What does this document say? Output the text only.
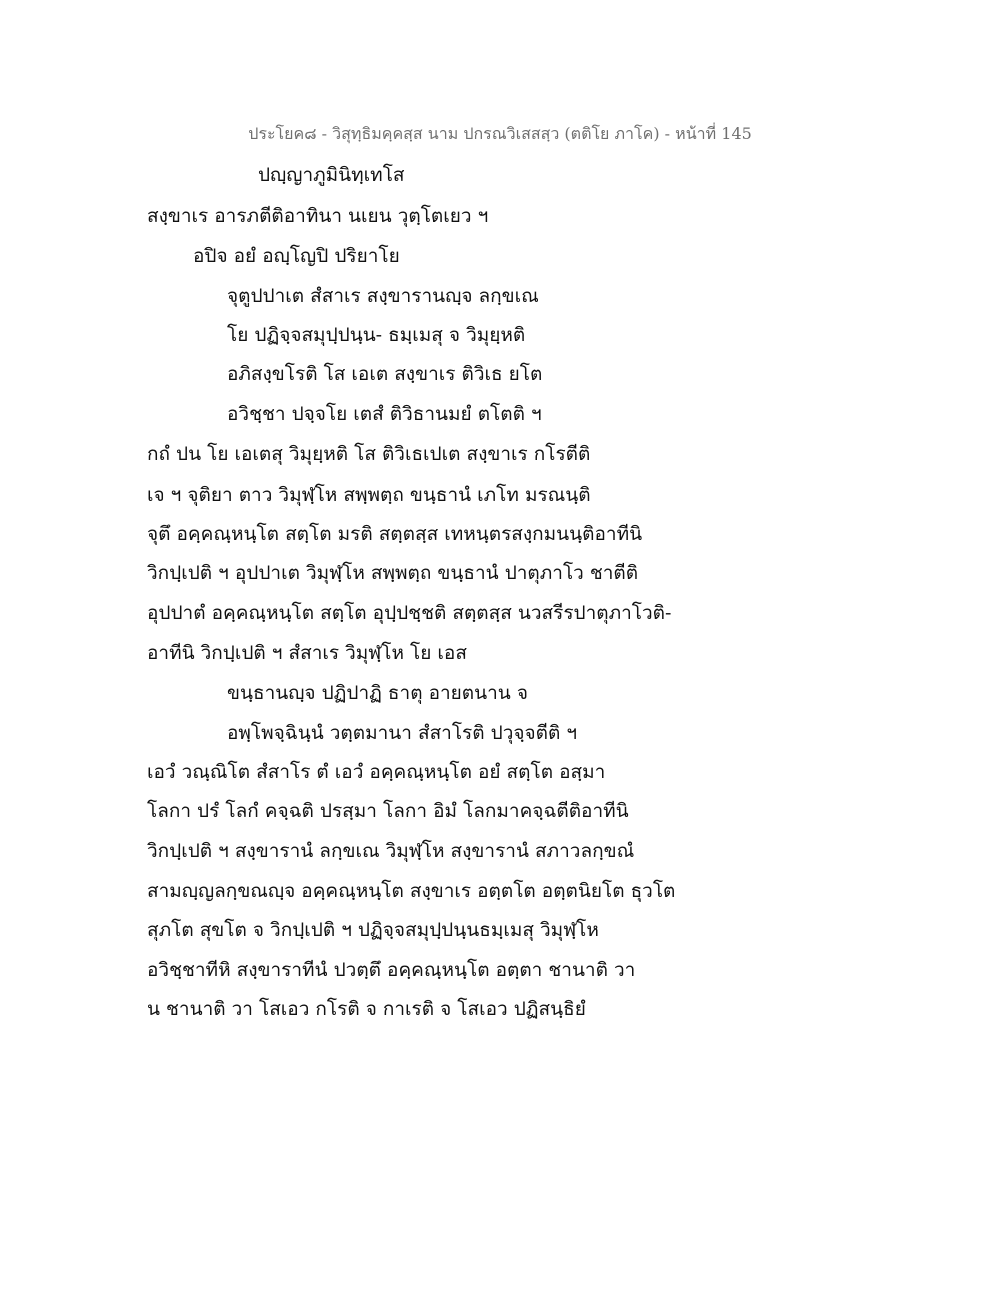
ประโยค๘ - วิสุทฺธิมคฺคสฺส นาม ปกรณวิเสสสฺว (ตติโย ภาโค) - หน้าที่ 145
ปญฺญาภูมินิทฺเทโส
สงฺขาเร อารภตีติอาทินา นเยน วุตฺโตเยว ฯ
อปิจ อยํ อญฺโญปิ ปริยาโย
จุตูปปาเต สํสาเร สงฺขารานญฺจ ลกฺขเณ
โย ปฏิจฺจสมุปฺปนฺน- ธมฺเมสุ จ วิมุยฺหติ
อภิสงฺขโรติ โส เอเต สงฺขาเร ติวิเธ ยโต
อวิชฺชา ปจฺจโย เตสํ ติวิธานมยํ ตโตติ ฯ
กถํ ปน โย เอเตสุ วิมุยฺหติ โส ติวิเธเปเต สงฺขาเร กโรตีติ
เจ ฯ จุติยา ตาว วิมุฬฺโห สพฺพตฺถ ขนฺธานํ เภโท มรณนฺติ
จุตึ อคฺคณฺหนฺโต สตฺโต มรติ สตฺตสฺส เทหนฺตรสงฺกมนนฺติอาทีนิ
วิกปฺเปติ ฯ อุปปาเต วิมุฬฺโห สพฺพตฺถ ขนฺธานํ ปาตุภาโว ชาตีติ
อุปปาตํ อคฺคณฺหนฺโต สตฺโต อุปฺปชฺชติ สตฺตสฺส นวสรีรปาตุภาโวติ-
อาทีนิ วิกปฺเปติ ฯ สํสาเร วิมุฬฺโห โย เอส
ขนฺธานญฺจ ปฏิปาฏิ ธาตุ อายตนาน จ
อพฺโพจฺฉินฺนํ วตฺตมานา สํสาโรติ ปวุจฺจตีติ ฯ
เอวํ วณฺณิโต สํสาโร ตํ เอวํ อคฺคณฺหนฺโต อยํ สตฺโต อสฺมา
โลกา ปรํ โลกํ คจฺฉติ ปรสฺมา โลกา อิมํ โลกมาคจฺฉตีติอาทีนิ
วิกปฺเปติ ฯ สงฺขารานํ ลกฺขเณ วิมุฬฺโห สงฺขารานํ สภาวลกฺขณํ
สามญฺญลกฺขณญฺจ อคฺคณฺหนฺโต สงฺขาเร อตฺตโต อตฺตนิยโต ธุวโต
สุภโต สุขโต จ วิกปฺเปติ ฯ ปฏิจฺจสมุปฺปนฺนธมฺเมสุ วิมุฬฺโห
อวิชฺชาทีหิ สงฺขาราทีนํ ปวตฺตึ อคฺคณฺหนฺโต อตฺตา ชานาติ วา
น ชานาติ วา โสเอว กโรติ จ กาเรติ จ โสเอว ปฏิสนฺธิยํ
